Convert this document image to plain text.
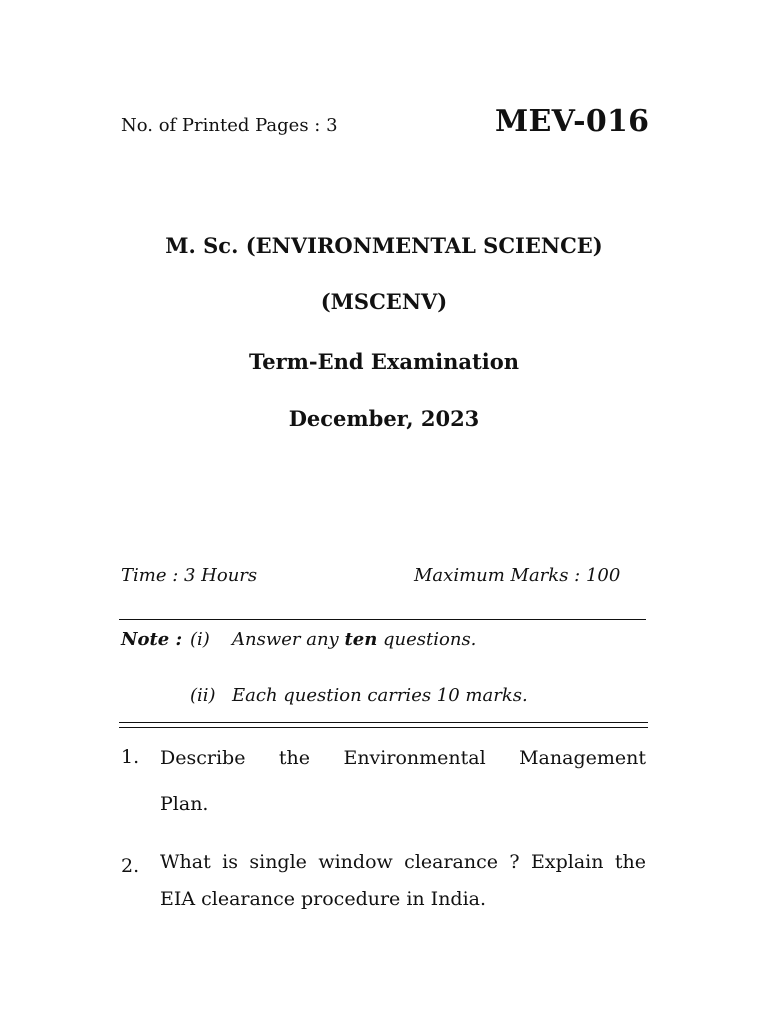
No. of Printed Pages : 3	MEV-016
M. Sc. (ENVIRONMENTAL SCIENCE)
(MSCENV)
Term-End Examination
December, 2023
Time : 3 Hours	Maximum Marks : 100
Note : (i) Answer any ten questions.
(ii) Each question carries 10 marks.
1. Describe the Environmental Management
Plan.
2. What is single window clearance ? Explain the
EIA clearance procedure in India.
